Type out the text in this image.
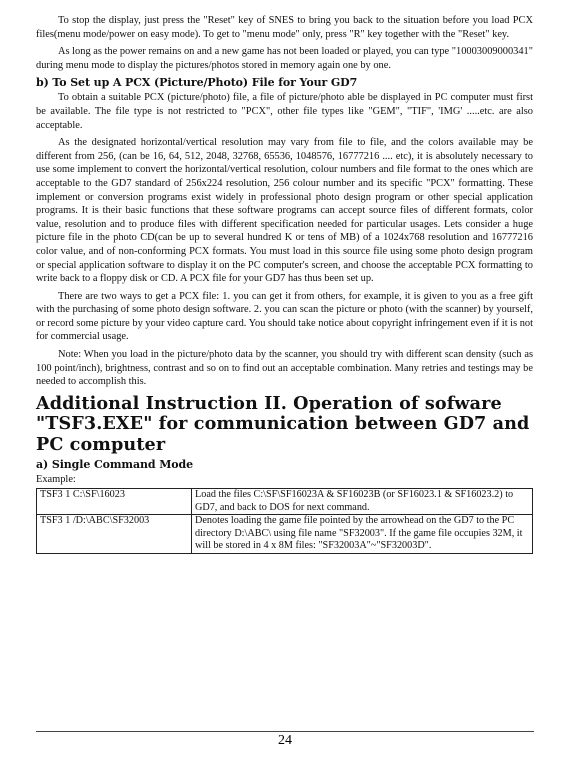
To stop the display, just press the "Reset" key of SNES to bring you back to the situation before you load PCX files(menu mode/power on easy mode). To get to "menu mode" only, press "R" key together with the "Reset" key.

As long as the power remains on and a new game has not been loaded or played, you can type "10003009000341" during menu mode to display the pictures/photos stored in memory again one by one.

b) To Set up A PCX (Picture/Photo) File for Your GD7

To obtain a suitable PCX (picture/photo) file, a file of picture/photo able be displayed in PC computer must first be available. The file type is not restricted to "PCX", other file types like "GEM", "TIF", 'IMG' .....etc. are also acceptable.

As the designated horizontal/vertical resolution may vary from file to file, and the colors available may be different from 256, (can be 16, 64, 512, 2048, 32768, 65536, 1048576, 16777216 .... etc), it is absolutely necessary to use some implement to convert the horizontal/vertical resolution, colour numbers and file format to the ones which are acceptable to the GD7 standard of 256x224 resolution, 256 colour number and its specific "PCX" formatting. These implement or conversion programs exist widely in professional photo design program or other special application programs. It is their basic functions that these software programs can accept source files of different formats, color value, resolution and to produce files with different specification needed for particular usages. Lets consider a huge picture file in the photo CD(can be up to several hundred K or tens of MB) of a 1024x768 resolution and 16777216 color value, and of non-conforming PCX formats. You must load in this source file using some photo design program or special application software to display it on the PC computer's screen, and choose the acceptable PCX formatting to write back to a floppy disk or CD. A PCX file for your GD7 has thus been set up.

There are two ways to get a PCX file: 1. you can get it from others, for example, it is given to you as a free gift with the purchasing of some photo design software. 2. you can scan the picture or photo (with the scanner) by yourself, or record some picture by your video capture card. You should take notice about copyright infringement even if it is not for commercial usage.

Note: When you load in the picture/photo data by the scanner, you should try with different scan density (such as 100 point/inch), brightness, contrast and so on to find out an acceptable combination. Many retries and testings may be needed to accomplish this.

Additional Instruction II. Operation of sofware "TSF3.EXE" for communication between GD7 and PC computer
a) Single Command Mode
Example:
TSF3 1 C:\SF\16023	Load the files C:\SF\SF16023A & SF16023B (or SF16023.1 & SF16023.2) to GD7, and back to DOS for next command.
TSF3 1 /D:\ABC\SF32003	Denotes loading the game file pointed by the arrowhead on the GD7 to the PC directory D:\ABC\ using file name "SF32003". If the game file occupies 32M, it will be stored in 4 x 8M files: "SF32003A"~"SF32003D".
24
